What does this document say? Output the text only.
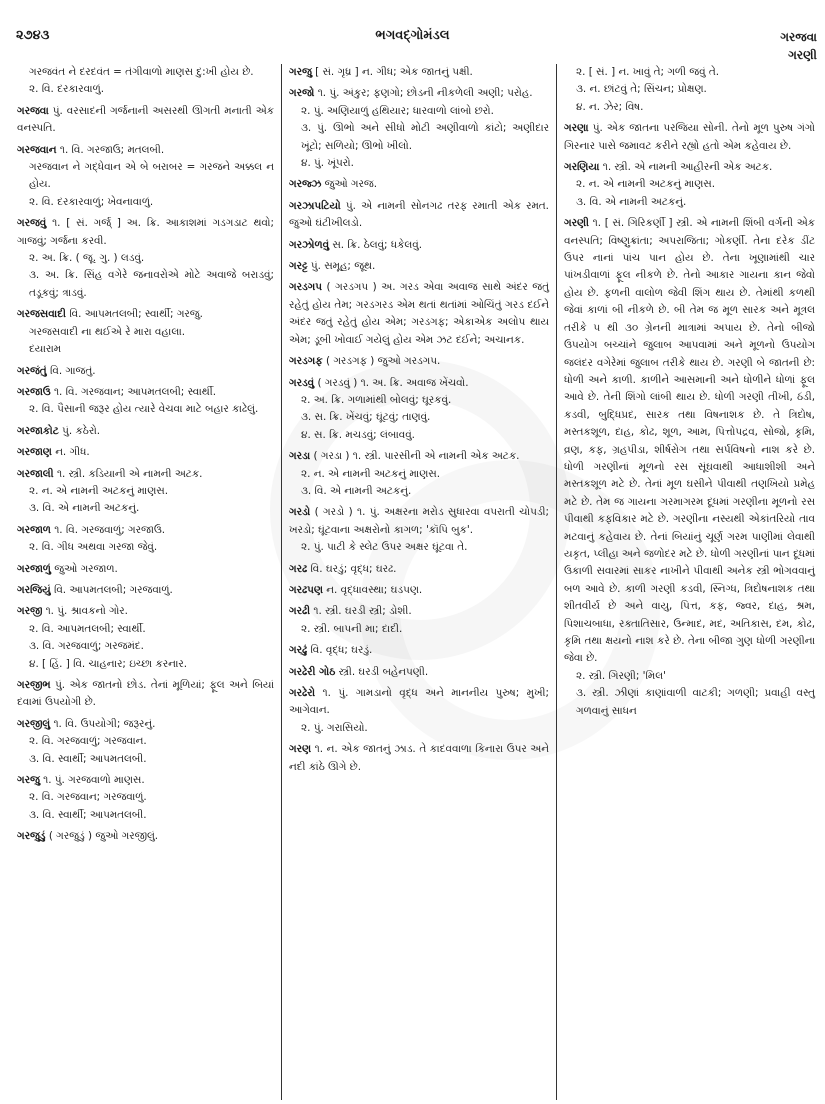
૨૭૪૩	ભગવદ્ગોમંડલ	ગરજવા
ગરણી
ગરજવંત ને દરદવંત = તંગીવાળો માણસ દુ:ખી હોય છે.
૨. વિ. દરકારવાળું.
ગરજવા પું. વરસાદની ગર્જનાની અસરથી ઊગતી મનાતી એક વનસ્પતિ.
ગરજવાન ૧. વિ. ગરજાઉ; મતલબી.
ગરજવાન ને ગદ્ધેવાન એ બે બરાબર = ગરજને અક્કલ ન હોય.
૨. વિ. દરકારવાળું; ખેવનાવાળું.
ગરજવું ૧. [ સં. ગર્જ્ ] અ. ક્રિ. આકાશમાં ગડગડાટ થવો; ગાજવું; ગર્જના કરવી.
૨. અ. ક્રિ. ( જૂ. ગુ. ) લડવું.
૩. અ. ક્રિ. સિંહ વગેરે જનાવરોએ મોટે અવાજે બરાડવું; તડૂકવું; ત્રાડવું.
ગરજસવાદી વિ. આપમતલબી; સ્વાર્થી; ગરજુ.
ગરજસવાદી ના થઈએ રે મારા વહાલા.
દયારામ
ગરજંતું વિ. ગાજતું.
ગરજાઉ ૧. વિ. ગરજવાન; આપમતલબી; સ્વાર્થી.
૨. વિ. પૈસાની જરૂર હોય ત્યારે વેચવા માટે બહાર કાઢેલું.
ગરજાકોટ પું. કઠેરો.
ગરજાણ ન. ગીધ.
ગરજાલી ૧. સ્ત્રી. કડિયાની એ નામની અટક.
૨. ન. એ નામની અટકનું માણસ.
૩. વિ. એ નામની અટકનું.
ગરજાળ ૧. વિ. ગરજવાળું; ગરજાઉ.
૨. વિ. ગીધ અથવા ગરજા જેવું.
ગરજાળું જુઓ ગરજાળ.
ગરજિયું વિ. આપમતલબી; ગરજવાળું.
ગરજી ૧. પું. શ્રાવકનો ગોર.
૨. વિ. આપમતલબી; સ્વાર્થી.
૩. વિ. ગરજવાળું; ગરજમંદ.
૪. [ હિં. ] વિ. ચાહનાર; ઇચ્છા કરનાર.
ગરજીભ પું. એક જાતનો છોડ. તેનાં મૂળિયાં; ફૂલ અને બિયાં દવામાં ઉપયોગી છે.
ગરજીલું ૧. વિ. ઉપયોગી; જરૂરનું.
૨. વિ. ગરજવાળું; ગરજવાન.
૩. વિ. સ્વાર્થી; આપમતલબી.
ગરજુ ૧. પું. ગરજવાળો માણસ.
૨. વિ. ગરજવાન; ગરજવાળું.
૩. વિ. સ્વાર્થી; આપમતલબી.
ગરજુડું ( ગરજુડું ) જુઓ ગરજીલું.
ગરજુ [ સં. ગૃધ્ર ] ન. ગીધ; એક જાતનું પક્ષી.
ગરજો ૧. પું. અંકુર; ફણગો; છોડની નીકળેલી અણી; પરોહ.
૨. પું. અણિયાળું હથિયાર; ધારવાળો લાંબો છરો.
૩. પું. ઊભો અને સીધો મોટી અણીવાળો કાંટો; અણીદાર ખૂંટો; સળિયો; ઊભો ખીલો.
૪. પું. ખૂંપરો.
ગરજ્ઝ જુઓ ગરજ.
ગરઝાપટિયો પું. એ નામની સોનગઢ તરફ રમાતી એક રમત. જુઓ ઘંટીખીલડો.
ગરઝોળવું સ. ક્રિ. ઠેલવું; ધકેલવું.
ગરટ્ટ પું. સમૂહ; જૂથ.
ગરડગપ ( ગરડગપ ) અ. ગરડ એવા અવાજ સાથે અંદર જતું રહેતું હોય તેમ; ગરડગરડ એમ થતાં થતાંમાં ઓચિંતું ગરડ દઈને અંદર જતું રહેતું હોય એમ; ગરડગફ; એકાએક અલોપ થાય એમ; ડૂબી ખોવાઈ ગયેલું હોય એમ ઝટ દઈને; અચાનક.
ગરડગફ ( ગરડગફ ) જુઓ ગરડગપ.
ગરડવું ( ગરડવું ) ૧. અ. ક્રિ. અવાજ ખેંચવો.
૨. અ. ક્રિ. ગળામાંથી બોલવું; ઘૂરકવું.
૩. સ. ક્રિ. ખેંચવું; ઘૂંટવું; તાણવું.
૪. સ. ક્રિ. મચડવું; લંબાવવું.
ગરડા ( ગરડા ) ૧. સ્ત્રી. પારસીની એ નામની એક અટક.
૨. ન. એ નામની અટકનું માણસ.
૩. વિ. એ નામની અટકનું.
ગરડો ( ગરડો ) ૧. પું. અક્ષરના મરોડ સુધારવા વપરાતી ચોપડી; ખરડો; ઘૂંટવાના અક્ષરોનો કાગળ; 'કૉપિ બુક'.
૨. પું. પાટી કે સ્લેટ ઉપર અક્ષર ઘૂંટવા તે.
ગરઢ વિ. ઘરડું; વૃદ્ધ; ઘરઢ.
ગરઢપણ ન. વૃદ્ધાવસ્થા; ઘડપણ.
ગરઢી ૧. સ્ત્રી. ઘરડી સ્ત્રી; ડોશી.
૨. સ્ત્રી. બાપની મા; દાદી.
ગરઢું વિ. વૃદ્ધ; ઘરડું.
ગરઢેરી ગોઠ સ્ત્રી. ઘરડી બહેનપણી.
ગરઢેરો ૧. પું. ગામડાનો વૃદ્ધ અને માનનીય પુરુષ; મુખી; આગેવાન.
૨. પું. ગરાસિયો.
ગરણ ૧. ન. એક જાતનું ઝાડ. તે કાદવવાળા કિનારા ઉપર અને નદી કાંઠે ઊગે છે.
૨. [ સં. ] ન. ખાવું તે; ગળી જવું તે.
૩. ન. છાંટવું તે; સિંચન; પ્રોક્ષણ.
૪. ન. ઝેર; વિષ.
ગરણા પું. એક જાતના પરજિયા સોની. તેનો મૂળ પુરુષ ગંગો ગિરનાર પાસે જમાવટ કરીને રહ્યો હતો એમ કહેવાય છે.
ગરણિયા ૧. સ્ત્રી. એ નામની આહીરની એક અટક.
૨. ન. એ નામની અટકનું માણસ.
૩. વિ. એ નામની અટકનું.
ગરણી ૧. [ સં. ગિરિકર્ણી ] સ્ત્રી. એ નામની શિંબી વર્ગની એક વનસ્પતિ; વિષ્ણુક્રાંતા; અપરાજિતા; ગોકર્ણી. તેના દરેક ડીંટ ઉપર નાનાં પાંચ પાન હોય છે. તેના ખૂણામાંથી ચાર પાંખડીવાળાં ફૂલ નીકળે છે. તેનો આકાર ગાયના કાન જેવો હોય છે. ફળની વાલોળ જેવી શિંગ થાય છે. તેમાંથી કળથી જેવાં કાળાં બી નીકળે છે. બી તેમ જ મૂળ સારક અને મૂત્રલ તરીકે ૫ થી ૩૦ ગ્રેનની માત્રામાં અપાય છે. તેનો બીજો ઉપયોગ બચ્ચાંને જુલાબ આપવામાં અને મૂળનો ઉપયોગ જલંદર વગેરેમાં જુલાબ તરીકે થાય છે. ગરણી બે જાતની છે: ધોળી અને કાળી. કાળીને આસમાની અને ધોળીને ધોળાં ફૂલ આવે છે. તેની શિંગો લાંબી થાય છે. ધોળી ગરણી તીખી, ઠંડી, કડવી, બુદ્ધિપ્રદ, સારક તથા વિષનાશક છે. તે ત્રિદોષ, મસ્તકશૂળ, દાહ, કોઢ, શૂળ, આમ, પિત્તોપદ્રવ, સોજો, કૃમિ, વ્રણ, કફ, ગ્રહપીડા, શીર્ષરોગ તથા સર્પવિષનો નાશ કરે છે. ધોળી ગરણીનાં મૂળનો રસ સૂંઘવાથી આધાશીશી અને મસ્તકશૂળ મટે છે. તેનાં મૂળ ઘસીને પીવાથી તણખિયો પ્રમેહ મટે છે. તેમ જ ગાયના ગરમાગરમ દૂધમાં ગરણીના મૂળનો રસ પીવાથી કફવિકાર મટે છે. ગરણીના નસ્યથી એકાંતરિયો તાવ મટવાનું કહેવાય છે. તેનાં બિયાંનું ચૂર્ણ ગરમ પાણીમાં લેવાથી યકૃત, પ્લીહા અને જળોદર મટે છે. ધોળી ગરણીનાં પાન દૂધમાં ઉકાળી સવારમાં સાકર નાખીને પીવાથી અનેક સ્ત્રી ભોગવવાનું બળ આવે છે. કાળી ગરણી કડવી, સ્નિગ્ધ, ત્રિદોષનાશક તથા શીતવીર્ય છે અને વાયુ, પિત્ત, કફ, જ્વર, દાહ, શ્રમ, પિશાચબાધા, રક્તાતિસાર, ઉન્માદ, મદ, અતિકાસ, દમ, કોઢ, કૃમિ તથા ક્ષયનો નાશ કરે છે. તેના બીજા ગુણ ધોળી ગરણીના જેવા છે.
૨. સ્ત્રી. ગિરણી; 'મિલ'
૩. સ્ત્રી. ઝીણાં કાણાંવાળી વાટકી; ગળણી; પ્રવાહી વસ્તુ ગળવાનું સાધન
